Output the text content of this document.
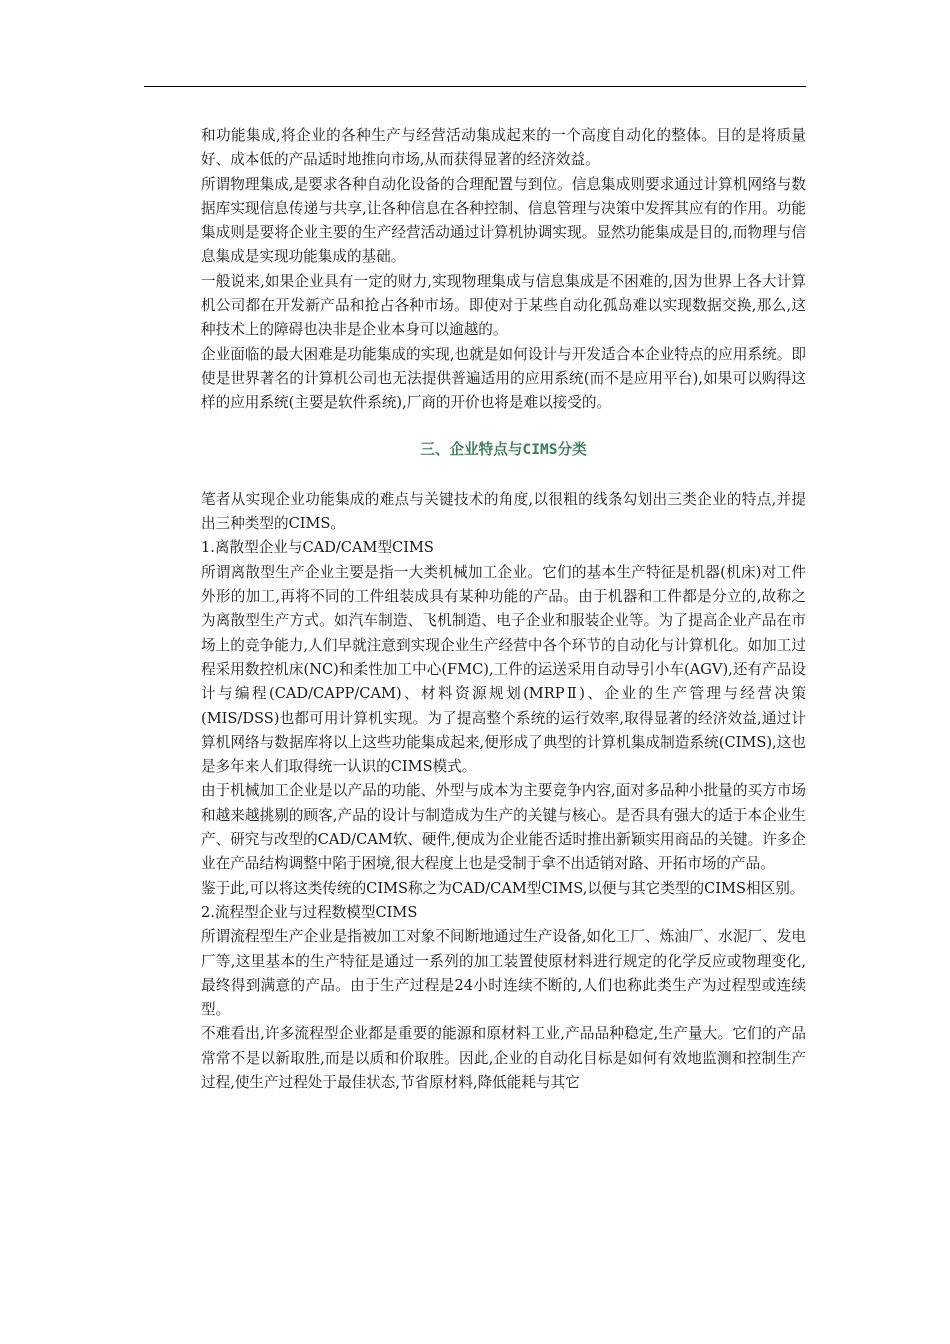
和功能集成,将企业的各种生产与经营活动集成起来的一个高度自动化的整体。目的是将质量好、成本低的产品适时地推向市场,从而获得显著的经济效益。

所谓物理集成,是要求各种自动化设备的合理配置与到位。信息集成则要求通过计算机网络与数据库实现信息传递与共享,让各种信息在各种控制、信息管理与决策中发挥其应有的作用。功能集成则是要将企业主要的生产经营活动通过计算机协调实现。显然功能集成是目的,而物理与信息集成是实现功能集成的基础。

一般说来,如果企业具有一定的财力,实现物理集成与信息集成是不困难的,因为世界上各大计算机公司都在开发新产品和抢占各种市场。即使对于某些自动化孤岛难以实现数据交换,那么,这种技术上的障碍也决非是企业本身可以逾越的。

企业面临的最大困难是功能集成的实现,也就是如何设计与开发适合本企业特点的应用系统。即使是世界著名的计算机公司也无法提供普遍适用的应用系统(而不是应用平台),如果可以购得这样的应用系统(主要是软件系统),厂商的开价也将是难以接受的。

三、企业特点与CIMS分类

笔者从实现企业功能集成的难点与关键技术的角度,以很粗的线条勾划出三类企业的特点,并提出三种类型的CIMS。

1.离散型企业与CAD/CAM型CIMS

所谓离散型生产企业主要是指一大类机械加工企业。它们的基本生产特征是机器(机床)对工件外形的加工,再将不同的工件组装成具有某种功能的产品。由于机器和工件都是分立的,故称之为离散型生产方式。如汽车制造、飞机制造、电子企业和服装企业等。为了提高企业产品在市场上的竞争能力,人们早就注意到实现企业生产经营中各个环节的自动化与计算机化。如加工过程采用数控机床(NC)和柔性加工中心(FMC),工件的运送采用自动导引小车(AGV),还有产品设计与编程(CAD/CAPP/CAM)、材料资源规划(MRPⅡ)、企业的生产管理与经营决策(MIS/DSS)也都可用计算机实现。为了提高整个系统的运行效率,取得显著的经济效益,通过计算机网络与数据库将以上这些功能集成起来,便形成了典型的计算机集成制造系统(CIMS),这也是多年来人们取得统一认识的CIMS模式。

由于机械加工企业是以产品的功能、外型与成本为主要竞争内容,面对多品种小批量的买方市场和越来越挑剔的顾客,产品的设计与制造成为生产的关键与核心。是否具有强大的适于本企业生产、研究与改型的CAD/CAM软、硬件,便成为企业能否适时推出新颖实用商品的关键。许多企业在产品结构调整中陷于困境,很大程度上也是受制于拿不出适销对路、开拓市场的产品。

鉴于此,可以将这类传统的CIMS称之为CAD/CAM型CIMS,以便与其它类型的CIMS相区别。

2.流程型企业与过程数模型CIMS

所谓流程型生产企业是指被加工对象不间断地通过生产设备,如化工厂、炼油厂、水泥厂、发电厂等,这里基本的生产特征是通过一系列的加工装置使原材料进行规定的化学反应或物理变化,最终得到满意的产品。由于生产过程是24小时连续不断的,人们也称此类生产为过程型或连续型。

不难看出,许多流程型企业都是重要的能源和原材料工业,产品品种稳定,生产量大。它们的产品常常不是以新取胜,而是以质和价取胜。因此,企业的自动化目标是如何有效地监测和控制生产过程,使生产过程处于最佳状态,节省原材料,降低能耗与其它
